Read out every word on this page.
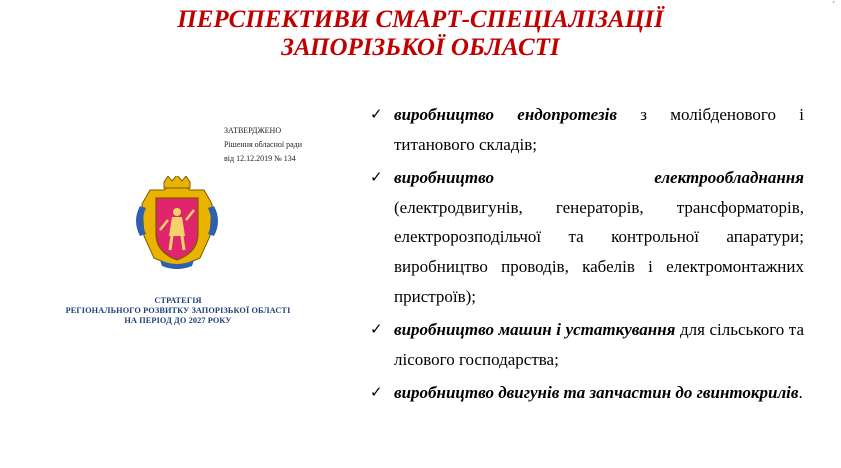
ПЕРСПЕКТИВИ СМАРТ-СПЕЦІАЛІЗАЦІЇ
ЗАПОРІЗЬКОЇ ОБЛАСТІ
´
ЗАТВЕРДЖЕНО
Рішення обласної ради
від 12.12.2019 № 134
СТРАТЕГІЯ
РЕГІОНАЛЬНОГО РОЗВИТКУ ЗАПОРІЗЬКОЇ ОБЛАСТІ
НА ПЕРІОД ДО 2027 РОКУ
✓ виробництво ендопротезів з молібденового і титанового складів;
✓ виробництво	електрообладнання
(електродвигунів, генераторів, трансформаторів, електророзподільчої та контрольної апаратури; виробництво проводів, кабелів і електромонтажних пристроїв);
✓ виробництво машин і устаткування для сільського та лісового господарства;
✓ виробництво двигунів та запчастин до гвинтокрилів.
